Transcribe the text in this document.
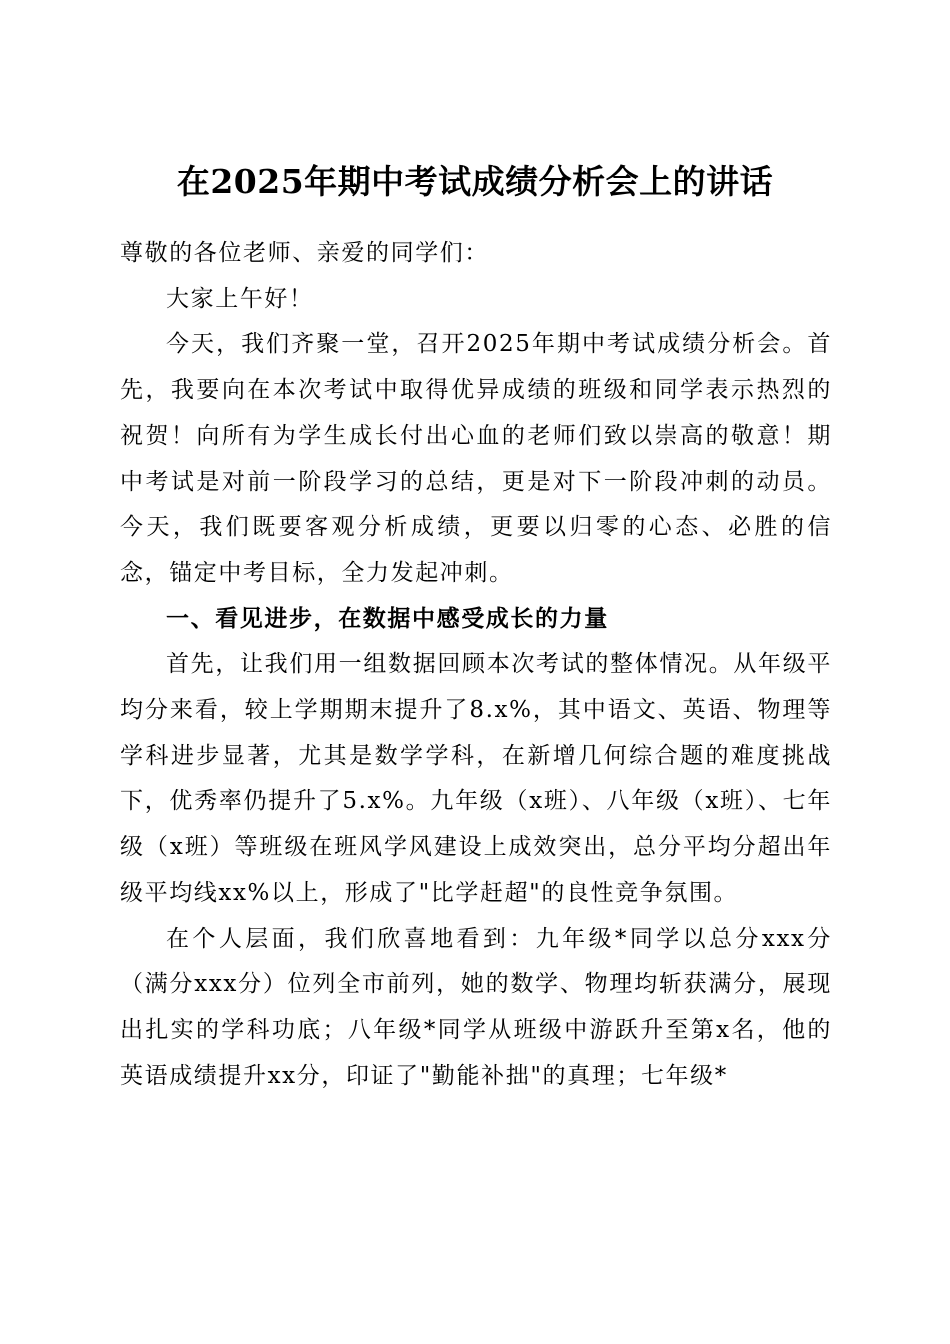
在2025年期中考试成绩分析会上的讲话

尊敬的各位老师、亲爱的同学们：

大家上午好！

今天，我们齐聚一堂，召开2025年期中考试成绩分析会。首先，我要向在本次考试中取得优异成绩的班级和同学表示热烈的祝贺！向所有为学生成长付出心血的老师们致以崇高的敬意！期中考试是对前一阶段学习的总结，更是对下一阶段冲刺的动员。今天，我们既要客观分析成绩，更要以归零的心态、必胜的信念，锚定中考目标，全力发起冲刺。

一、看见进步，在数据中感受成长的力量

首先，让我们用一组数据回顾本次考试的整体情况。从年级平均分来看，较上学期期末提升了8.x%，其中语文、英语、物理等学科进步显著，尤其是数学学科，在新增几何综合题的难度挑战下，优秀率仍提升了5.x%。九年级（x班）、八年级（x班）、七年级（x班）等班级在班风学风建设上成效突出，总分平均分超出年级平均线xx%以上，形成了"比学赶超"的良性竞争氛围。

在个人层面，我们欣喜地看到：九年级*同学以总分xxx分（满分xxx分）位列全市前列，她的数学、物理均斩获满分，展现出扎实的学科功底；八年级*同学从班级中游跃升至第x名，他的英语成绩提升xx分，印证了"勤能补拙"的真理；七年级*
